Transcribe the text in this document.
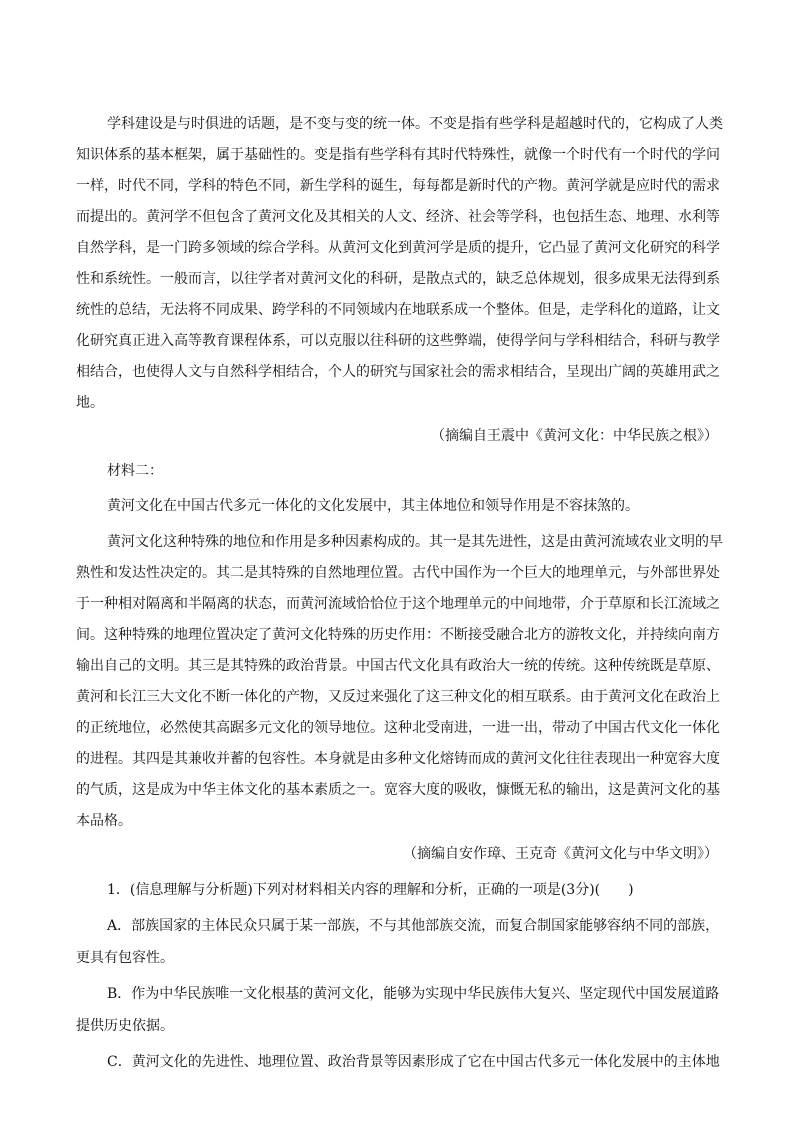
学科建设是与时俱进的话题，是不变与变的统一体。不变是指有些学科是超越时代的，它构成了人类
知识体系的基本框架，属于基础性的。变是指有些学科有其时代特殊性，就像一个时代有一个时代的学问
一样，时代不同，学科的特色不同，新生学科的诞生，每每都是新时代的产物。黄河学就是应时代的需求
而提出的。黄河学不但包含了黄河文化及其相关的人文、经济、社会等学科，也包括生态、地理、水利等
自然学科，是一门跨多领域的综合学科。从黄河文化到黄河学是质的提升，它凸显了黄河文化研究的科学
性和系统性。一般而言，以往学者对黄河文化的科研，是散点式的，缺乏总体规划，很多成果无法得到系
统性的总结，无法将不同成果、跨学科的不同领域内在地联系成一个整体。但是，走学科化的道路，让文
化研究真正进入高等教育课程体系，可以克服以往科研的这些弊端，使得学问与学科相结合，科研与教学
相结合，也使得人文与自然科学相结合，个人的研究与国家社会的需求相结合，呈现出广阔的英雄用武之
地。
（摘编自王震中《黄河文化：中华民族之根》）
材料二：
黄河文化在中国古代多元一体化的文化发展中，其主体地位和领导作用是不容抹煞的。
黄河文化这种特殊的地位和作用是多种因素构成的。其一是其先进性，这是由黄河流域农业文明的早
熟性和发达性决定的。其二是其特殊的自然地理位置。古代中国作为一个巨大的地理单元，与外部世界处
于一种相对隔离和半隔离的状态，而黄河流域恰恰位于这个地理单元的中间地带，介于草原和长江流域之
间。这种特殊的地理位置决定了黄河文化特殊的历史作用：不断接受融合北方的游牧文化，并持续向南方
输出自己的文明。其三是其特殊的政治背景。中国古代文化具有政治大一统的传统。这种传统既是草原、
黄河和长江三大文化不断一体化的产物，又反过来强化了这三种文化的相互联系。由于黄河文化在政治上
的正统地位，必然使其高踞多元文化的领导地位。这种北受南进，一进一出，带动了中国古代文化一体化
的进程。其四是其兼收并蓄的包容性。本身就是由多种文化熔铸而成的黄河文化往往表现出一种宽容大度
的气质，这是成为中华主体文化的基本素质之一。宽容大度的吸收，慷慨无私的输出，这是黄河文化的基
本品格。
（摘编自安作璋、王克奇《黄河文化与中华文明》）
1．(信息理解与分析题)下列对材料相关内容的理解和分析，正确的一项是(3分)(　　)
A．部族国家的主体民众只属于某一部族，不与其他部族交流，而复合制国家能够容纳不同的部族，
更具有包容性。
B．作为中华民族唯一文化根基的黄河文化，能够为实现中华民族伟大复兴、坚定现代中国发展道路
提供历史依据。
C．黄河文化的先进性、地理位置、政治背景等因素形成了它在中国古代多元一体化发展中的主体地
